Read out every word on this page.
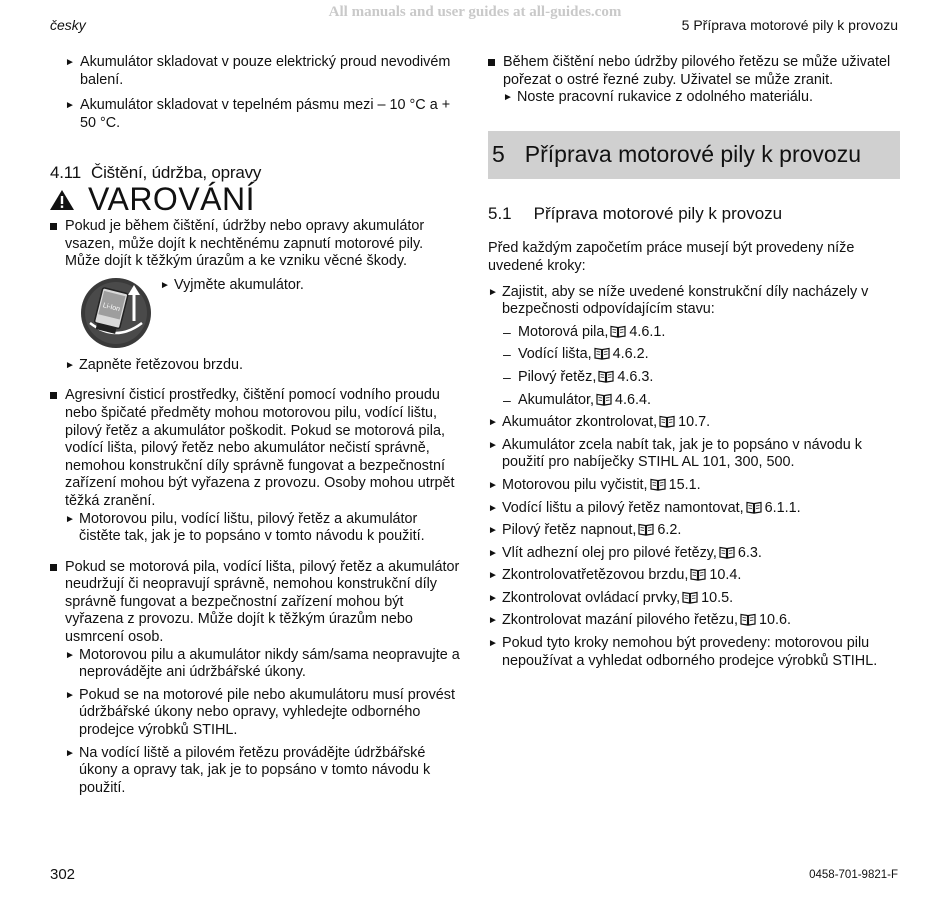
All manuals and user guides at all-guides.com
česky	5 Příprava motorové pily k provozu
► Akumulátor skladovat v pouze elektrický proud nevodivém balení.
► Akumulátor skladovat v tepelném pásmu mezi – 10 °C a + 50 °C.
4.11 Čištění, údržba, opravy
VAROVÁNÍ

Pokud je během čištění, údržby nebo opravy akumulátor vsazen, může dojít k nechtěnému zapnutí motorové pily. Může dojít k těžkým úrazům a ke vzniku věcné škody.

Li-Ion
► Vyjměte akumulátor.
► Zapněte řetězovou brzdu.

Agresivní čisticí prostředky, čištění pomocí vodního proudu nebo špičaté předměty mohou motorovou pilu, vodící lištu, pilový řetěz a akumulátor poškodit. Pokud se motorová pila, vodící lišta, pilový řetěz nebo akumulátor nečistí správně, nemohou konstrukční díly správně fungovat a bezpečnostní zařízení mohou být vyřazena z provozu. Osoby mohou utrpět těžká zranění.

► Motorovou pilu, vodící lištu, pilový řetěz a akumulátor čistěte tak, jak je to popsáno v tomto návodu k použití.

Pokud se motorová pila, vodící lišta, pilový řetěz a akumulátor neudržují či neopravují správně, nemohou konstrukční díly správně fungovat a bezpečnostní zařízení mohou být vyřazena z provozu. Může dojít k těžkým úrazům nebo usmrcení osob.

► Motorovou pilu a akumulátor nikdy sám/sama neopravujte a neprovádějte ani údržbářské úkony.
► Pokud se na motorové pile nebo akumulátoru musí provést údržbářské úkony nebo opravy, vyhledejte odborného prodejce výrobků STIHL.
► Na vodící liště a pilovém řetězu provádějte údržbářské úkony a opravy tak, jak je to popsáno v tomto návodu k použití.

Během čištění nebo údržby pilového řetězu se může uživatel pořezat o ostré řezné zuby. Uživatel se může zranit.

► Noste pracovní rukavice z odolného materiálu.
5 Příprava motorové pily k provozu
5.1 Příprava motorové pily k provozu

Před každým započetím práce musejí být provedeny níže uvedené kroky:

► Zajistit, aby se níže uvedené konstrukční díly nacházely v bezpečnosti odpovídajícím stavu:
– Motorová pila, 4.6.1.
– Vodící lišta, 4.6.2.
– Pilový řetěz, 4.6.3.
– Akumulátor, 4.6.4.
► Akumuátor zkontrolovat, 10.7.
► Akumulátor zcela nabít tak, jak je to popsáno v návodu k použití pro nabíječky STIHL AL 101, 300, 500.
► Motorovou pilu vyčistit, 15.1.
► Vodící lištu a pilový řetěz namontovat, 6.1.1.
► Pilový řetěz napnout, 6.2.
► Vlít adhezní olej pro pilové řetězy, 6.3.
► Zkontrolovatřetězovou brzdu, 10.4.
► Zkontrolovat ovládací prvky, 10.5.
► Zkontrolovat mazání pilového řetězu, 10.6.
► Pokud tyto kroky nemohou být provedeny: motorovou pilu nepoužívat a vyhledat odborného prodejce výrobků STIHL.
302	0458-701-9821-F
